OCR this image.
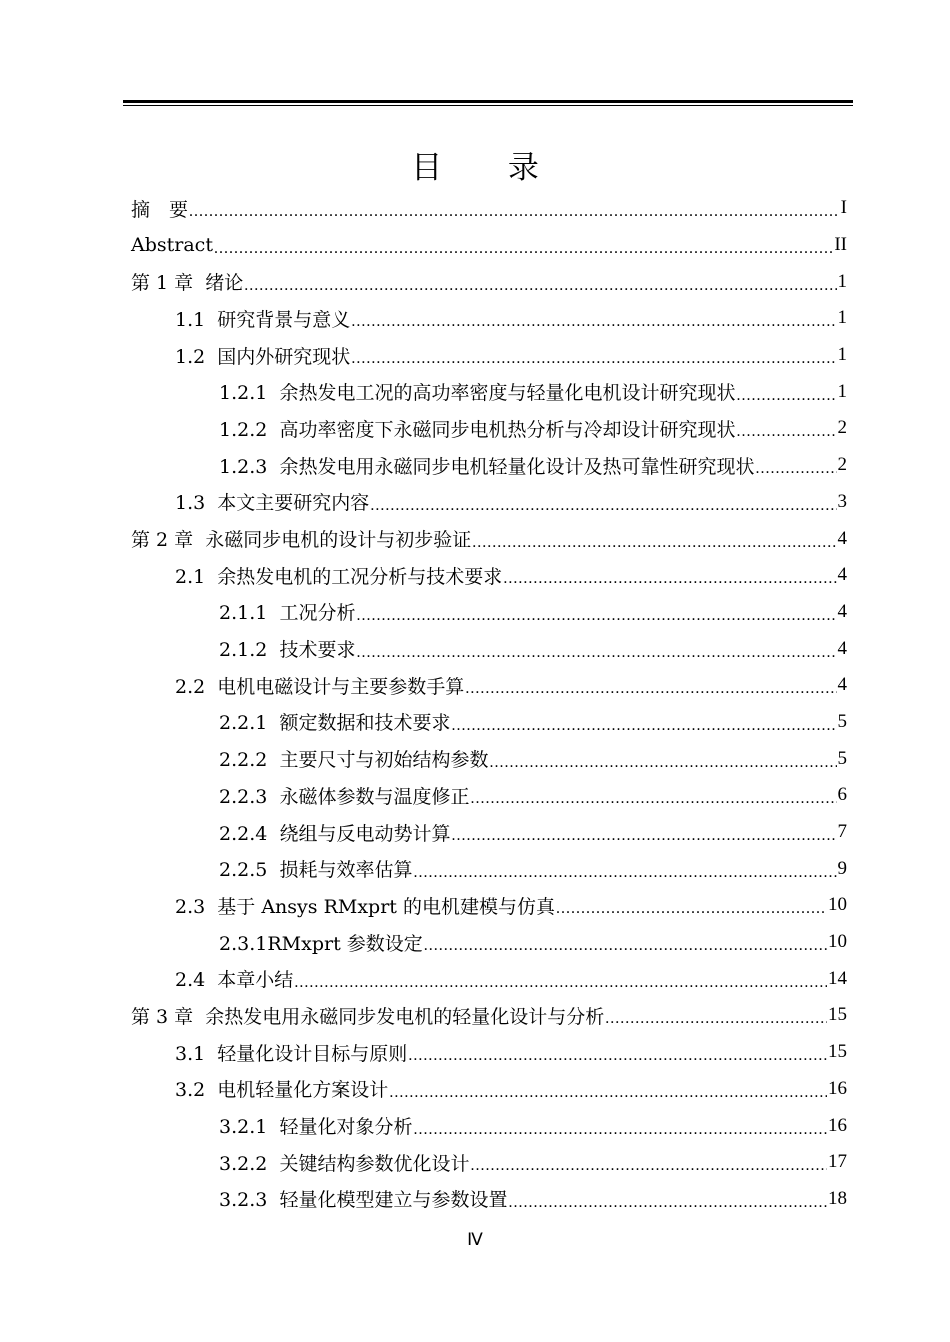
目 录
摘　要 .....	I
Abstract .....	II
第 1 章  绪论 .....	1
1.1  研究背景与意义 .....	1
1.2  国内外研究现状 .....	1
1.2.1  余热发电工况的高功率密度与轻量化电机设计研究现状 .....	1
1.2.2  高功率密度下永磁同步电机热分析与冷却设计研究现状 .....	2
1.2.3  余热发电用永磁同步电机轻量化设计及热可靠性研究现状 .....	2
1.3  本文主要研究内容 .....	3
第 2 章  永磁同步电机的设计与初步验证 .....	4
2.1  余热发电机的工况分析与技术要求 .....	4
2.1.1  工况分析 .....	4
2.1.2  技术要求 .....	4
2.2  电机电磁设计与主要参数手算 .....	4
2.2.1  额定数据和技术要求 .....	5
2.2.2  主要尺寸与初始结构参数 .....	5
2.2.3  永磁体参数与温度修正 .....	6
2.2.4  绕组与反电动势计算 .....	7
2.2.5  损耗与效率估算 .....	9
2.3  基于 Ansys RMxprt 的电机建模与仿真 .....	10
2.3.1RMxprt 参数设定 .....	10
2.4  本章小结 .....	14
第 3 章  余热发电用永磁同步发电机的轻量化设计与分析 .....	15
3.1  轻量化设计目标与原则 .....	15
3.2  电机轻量化方案设计 .....	16
3.2.1  轻量化对象分析 .....	16
3.2.2  关键结构参数优化设计 .....	17
3.2.3  轻量化模型建立与参数设置 .....	18
Ⅳ
